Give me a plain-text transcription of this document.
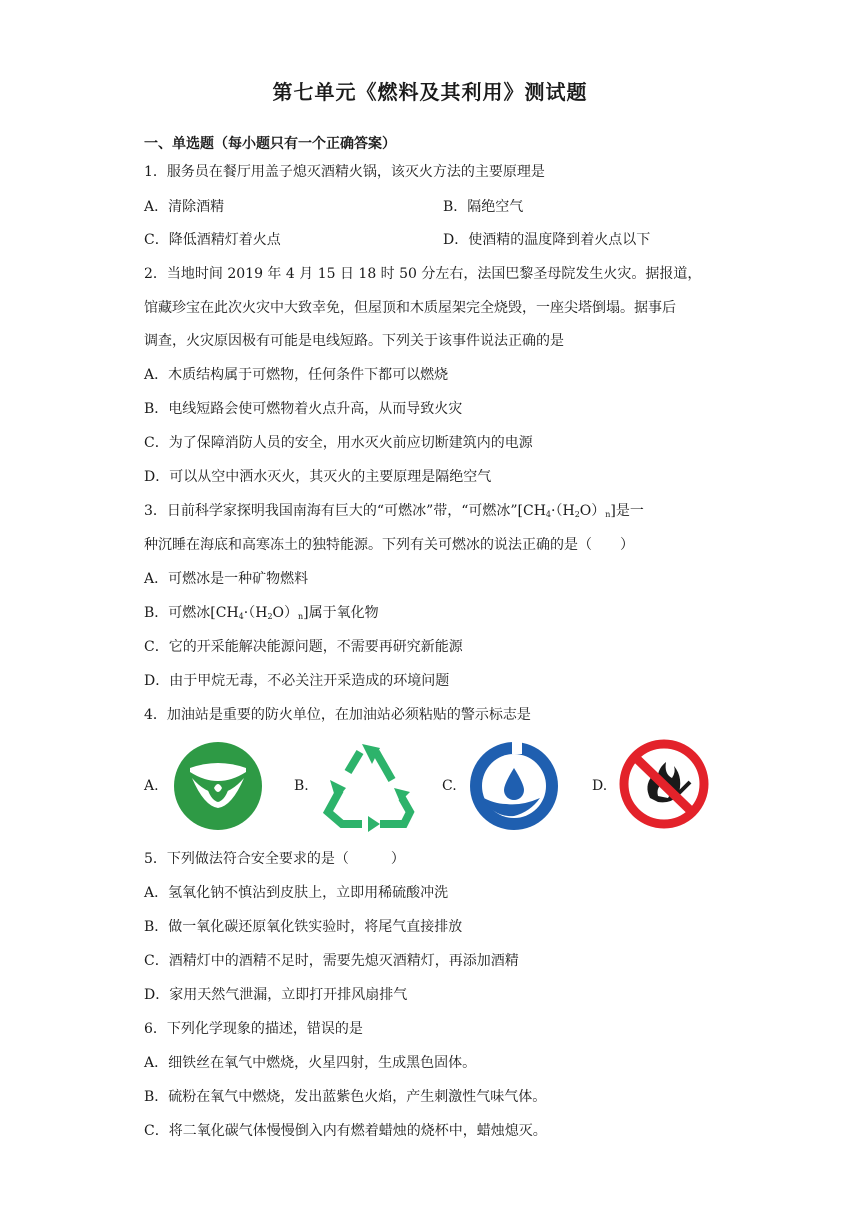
第七单元《燃料及其利用》测试题
一、单选题（每小题只有一个正确答案）
1．服务员在餐厅用盖子熄灭酒精火锅，该灭火方法的主要原理是
A．清除酒精	B．隔绝空气
C．降低酒精灯着火点	D．使酒精的温度降到着火点以下
2．当地时间 2019 年 4 月 15 日 18 时 50 分左右，法国巴黎圣母院发生火灾。据报道，
馆藏珍宝在此次火灾中大致幸免，但屋顶和木质屋架完全烧毁，一座尖塔倒塌。据事后
调查，火灾原因极有可能是电线短路。下列关于该事件说法正确的是
A．木质结构属于可燃物，任何条件下都可以燃烧
B．电线短路会使可燃物着火点升高，从而导致火灾
C．为了保障消防人员的安全，用水灭火前应切断建筑内的电源
D．可以从空中洒水灭火，其灭火的主要原理是隔绝空气
3．日前科学家探明我国南海有巨大的“可燃冰”带，“可燃冰$”[CH_4\cdot(H_2O)_n]$是一
种沉睡在海底和高寒冻土的独特能源。下列有关可燃冰的说法正确的是（　　）
A．可燃冰是一种矿物燃料
B．可燃冰$[CH_4\cdot(H_2O)_n]$属于氧化物
C．它的开采能解决能源问题，不需要再研究新能源
D．由于甲烷无毒，不必关注开采造成的环境问题
4．加油站是重要的防火单位，在加油站必须粘贴的警示标志是
A.	B.	C.	D.
5．下列做法符合安全要求的是（　　　）
A．氢氧化钠不慎沾到皮肤上，立即用稀硫酸冲洗
B．做一氧化碳还原氧化铁实验时，将尾气直接排放
C．酒精灯中的酒精不足时，需要先熄灭酒精灯，再添加酒精
D．家用天然气泄漏，立即打开排风扇排气
6．下列化学现象的描述，错误的是
A．细铁丝在氧气中燃烧，火星四射，生成黑色固体。
B．硫粉在氧气中燃烧，发出蓝紫色火焰，产生刺激性气味气体。
C．将二氧化碳气体慢慢倒入内有燃着蜡烛的烧杯中，蜡烛熄灭。
